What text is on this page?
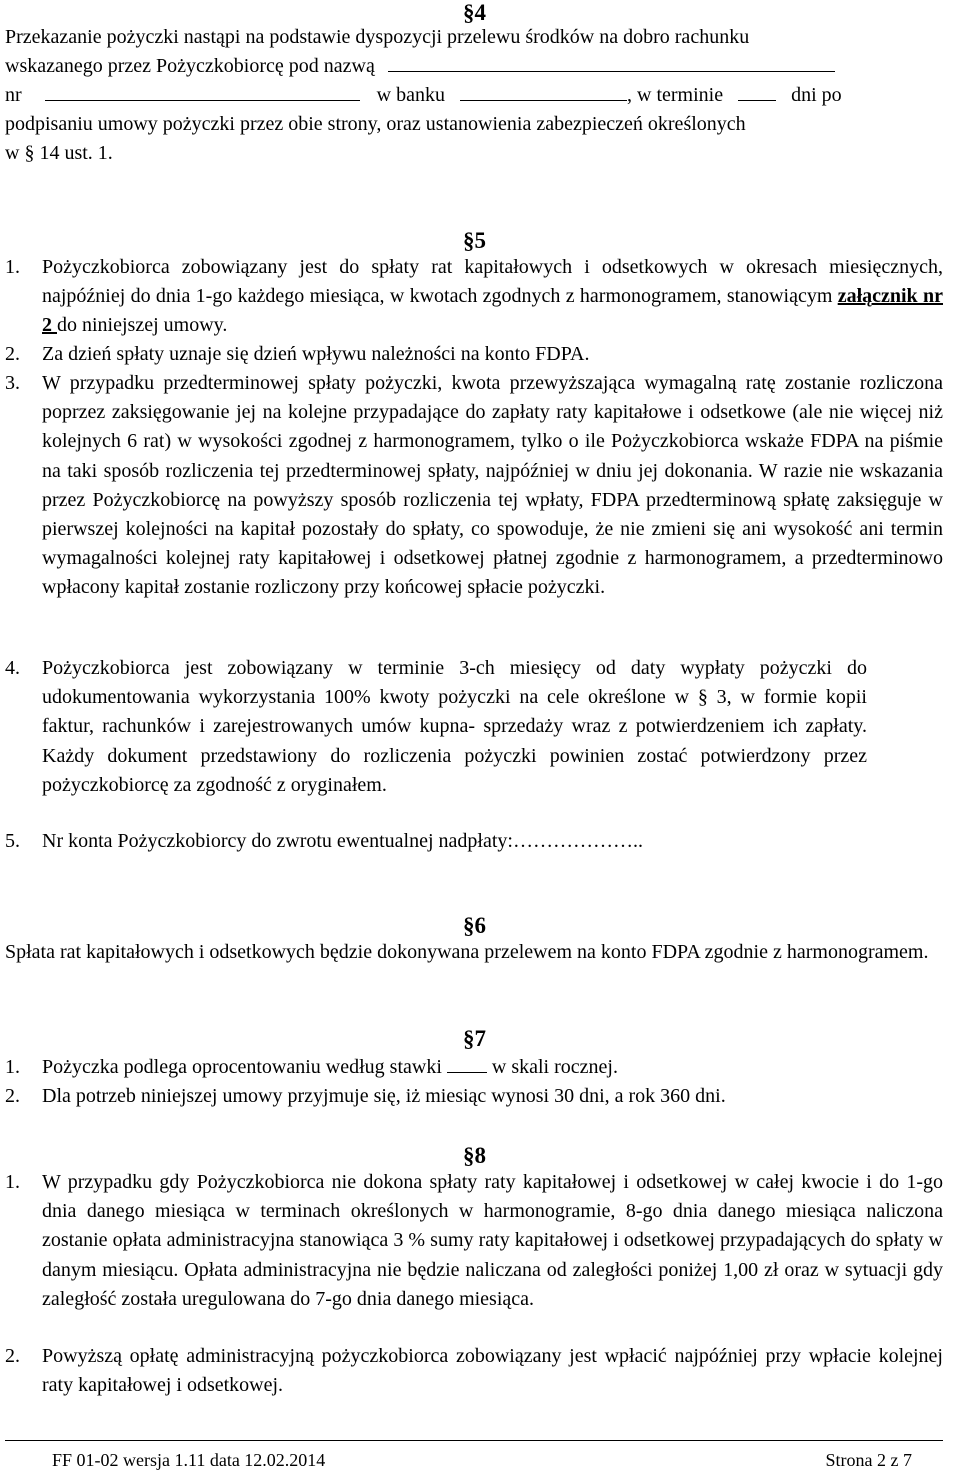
§4
Przekazanie pożyczki nastąpi na podstawie dyspozycji przelewu środków na dobro rachunku
wskazanego przez Pożyczkobiorcę pod nazwą
nr	w banku	, w terminie	dni po
podpisaniu umowy pożyczki przez obie strony, oraz ustanowienia zabezpieczeń określonych
w § 14 ust. 1.
§5
1. Pożyczkobiorca zobowiązany jest do spłaty rat kapitałowych i odsetkowych w okresach miesięcznych, najpóźniej do dnia 1-go każdego miesiąca, w kwotach zgodnych z harmonogramem, stanowiącym załącznik nr 2 do niniejszej umowy.
2. Za dzień spłaty uznaje się dzień wpływu należności na konto FDPA.
3. W przypadku przedterminowej spłaty pożyczki, kwota przewyższająca wymagalną ratę zostanie rozliczona poprzez zaksięgowanie jej na kolejne przypadające do zapłaty raty kapitałowe i odsetkowe (ale nie więcej niż kolejnych 6 rat) w wysokości zgodnej z harmonogramem, tylko o ile Pożyczkobiorca wskaże FDPA na piśmie na taki sposób rozliczenia tej przedterminowej spłaty, najpóźniej w dniu jej dokonania. W razie nie wskazania przez Pożyczkobiorcę na powyższy sposób rozliczenia tej wpłaty, FDPA przedterminową spłatę zaksięguje w pierwszej kolejności na kapitał pozostały do spłaty, co spowoduje, że nie zmieni się ani wysokość ani termin wymagalności kolejnej raty kapitałowej i odsetkowej płatnej zgodnie z harmonogramem, a przedterminowo wpłacony kapitał zostanie rozliczony przy końcowej spłacie pożyczki.
4. Pożyczkobiorca jest zobowiązany w terminie 3-ch miesięcy od daty wypłaty pożyczki do udokumentowania wykorzystania 100% kwoty pożyczki na cele określone w § 3, w formie kopii faktur, rachunków i zarejestrowanych umów kupna- sprzedaży wraz z potwierdzeniem ich zapłaty. Każdy dokument przedstawiony do rozliczenia pożyczki powinien zostać potwierdzony przez pożyczkobiorcę za zgodność z oryginałem.
5. Nr konta Pożyczkobiorcy do zwrotu ewentualnej nadpłaty:………………..
§6
Spłata rat kapitałowych i odsetkowych będzie dokonywana przelewem na konto FDPA zgodnie z harmonogramem.
§7
1. Pożyczka podlega oprocentowaniu według stawki	w skali rocznej.
2. Dla potrzeb niniejszej umowy przyjmuje się, iż miesiąc wynosi 30 dni, a rok 360 dni.
§8
1. W przypadku gdy Pożyczkobiorca nie dokona spłaty raty kapitałowej i odsetkowej w całej kwocie i do 1-go dnia danego miesiąca w terminach określonych w harmonogramie, 8-go dnia danego miesiąca naliczona zostanie opłata administracyjna stanowiąca 3 % sumy raty kapitałowej i odsetkowej przypadających do spłaty w danym miesiącu. Opłata administracyjna nie będzie naliczana od zaległości poniżej 1,00 zł oraz w sytuacji gdy zaległość została uregulowana do 7-go dnia danego miesiąca.
2. Powyższą opłatę administracyjną pożyczkobiorca zobowiązany jest wpłacić najpóźniej przy wpłacie kolejnej raty kapitałowej i odsetkowej.
FF 01-02 wersja 1.11 data 12.02.2014	Strona 2 z 7
